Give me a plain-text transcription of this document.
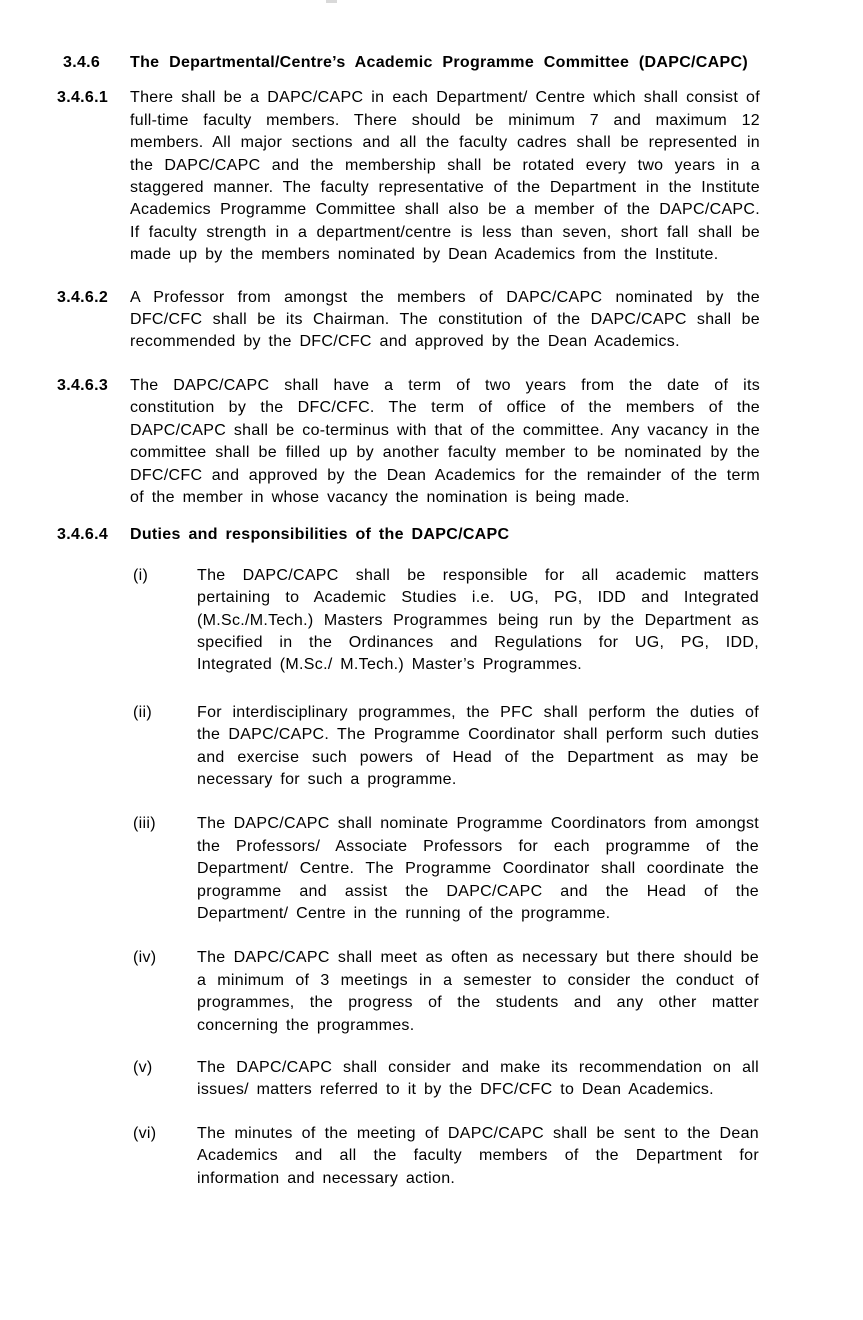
3.4.6 The Departmental/Centre’s Academic Programme Committee (DAPC/CAPC)
3.4.6.1 There shall be a DAPC/CAPC in each Department/ Centre which shall consist of full-time faculty members. There should be minimum 7 and maximum 12 members. All major sections and all the faculty cadres shall be represented in the DAPC/CAPC and the membership shall be rotated every two years in a staggered manner. The faculty representative of the Department in the Institute Academics Programme Committee shall also be a member of the DAPC/CAPC. If faculty strength in a department/centre is less than seven, short fall shall be made up by the members nominated by Dean Academics from the Institute.
3.4.6.2 A Professor from amongst the members of DAPC/CAPC nominated by the DFC/CFC shall be its Chairman. The constitution of the DAPC/CAPC shall be recommended by the DFC/CFC and approved by the Dean Academics.
3.4.6.3 The DAPC/CAPC shall have a term of two years from the date of its constitution by the DFC/CFC. The term of office of the members of the DAPC/CAPC shall be co-terminus with that of the committee. Any vacancy in the committee shall be filled up by another faculty member to be nominated by the DFC/CFC and approved by the Dean Academics for the remainder of the term of the member in whose vacancy the nomination is being made.
3.4.6.4 Duties and responsibilities of the DAPC/CAPC
(i)	The DAPC/CAPC shall be responsible for all academic matters pertaining to Academic Studies i.e. UG, PG, IDD and Integrated (M.Sc./M.Tech.) Masters Programmes being run by the Department as specified in the Ordinances and Regulations for UG, PG, IDD, Integrated (M.Sc./ M.Tech.) Master’s Programmes.
(ii)	For interdisciplinary programmes, the PFC shall perform the duties of the DAPC/CAPC. The Programme Coordinator shall perform such duties and exercise such powers of Head of the Department as may be necessary for such a programme.
(iii)	The DAPC/CAPC shall nominate Programme Coordinators from amongst the Professors/ Associate Professors for each programme of the Department/ Centre. The Programme Coordinator shall coordinate the programme and assist the DAPC/CAPC and the Head of the Department/ Centre in the running of the programme.
(iv)	The DAPC/CAPC shall meet as often as necessary but there should be a minimum of 3 meetings in a semester to consider the conduct of programmes, the progress of the students and any other matter concerning the programmes.
(v)	The DAPC/CAPC shall consider and make its recommendation on all issues/ matters referred to it by the DFC/CFC to Dean Academics.
(vi)	The minutes of the meeting of DAPC/CAPC shall be sent to the Dean Academics and all the faculty members of the Department for information and necessary action.
